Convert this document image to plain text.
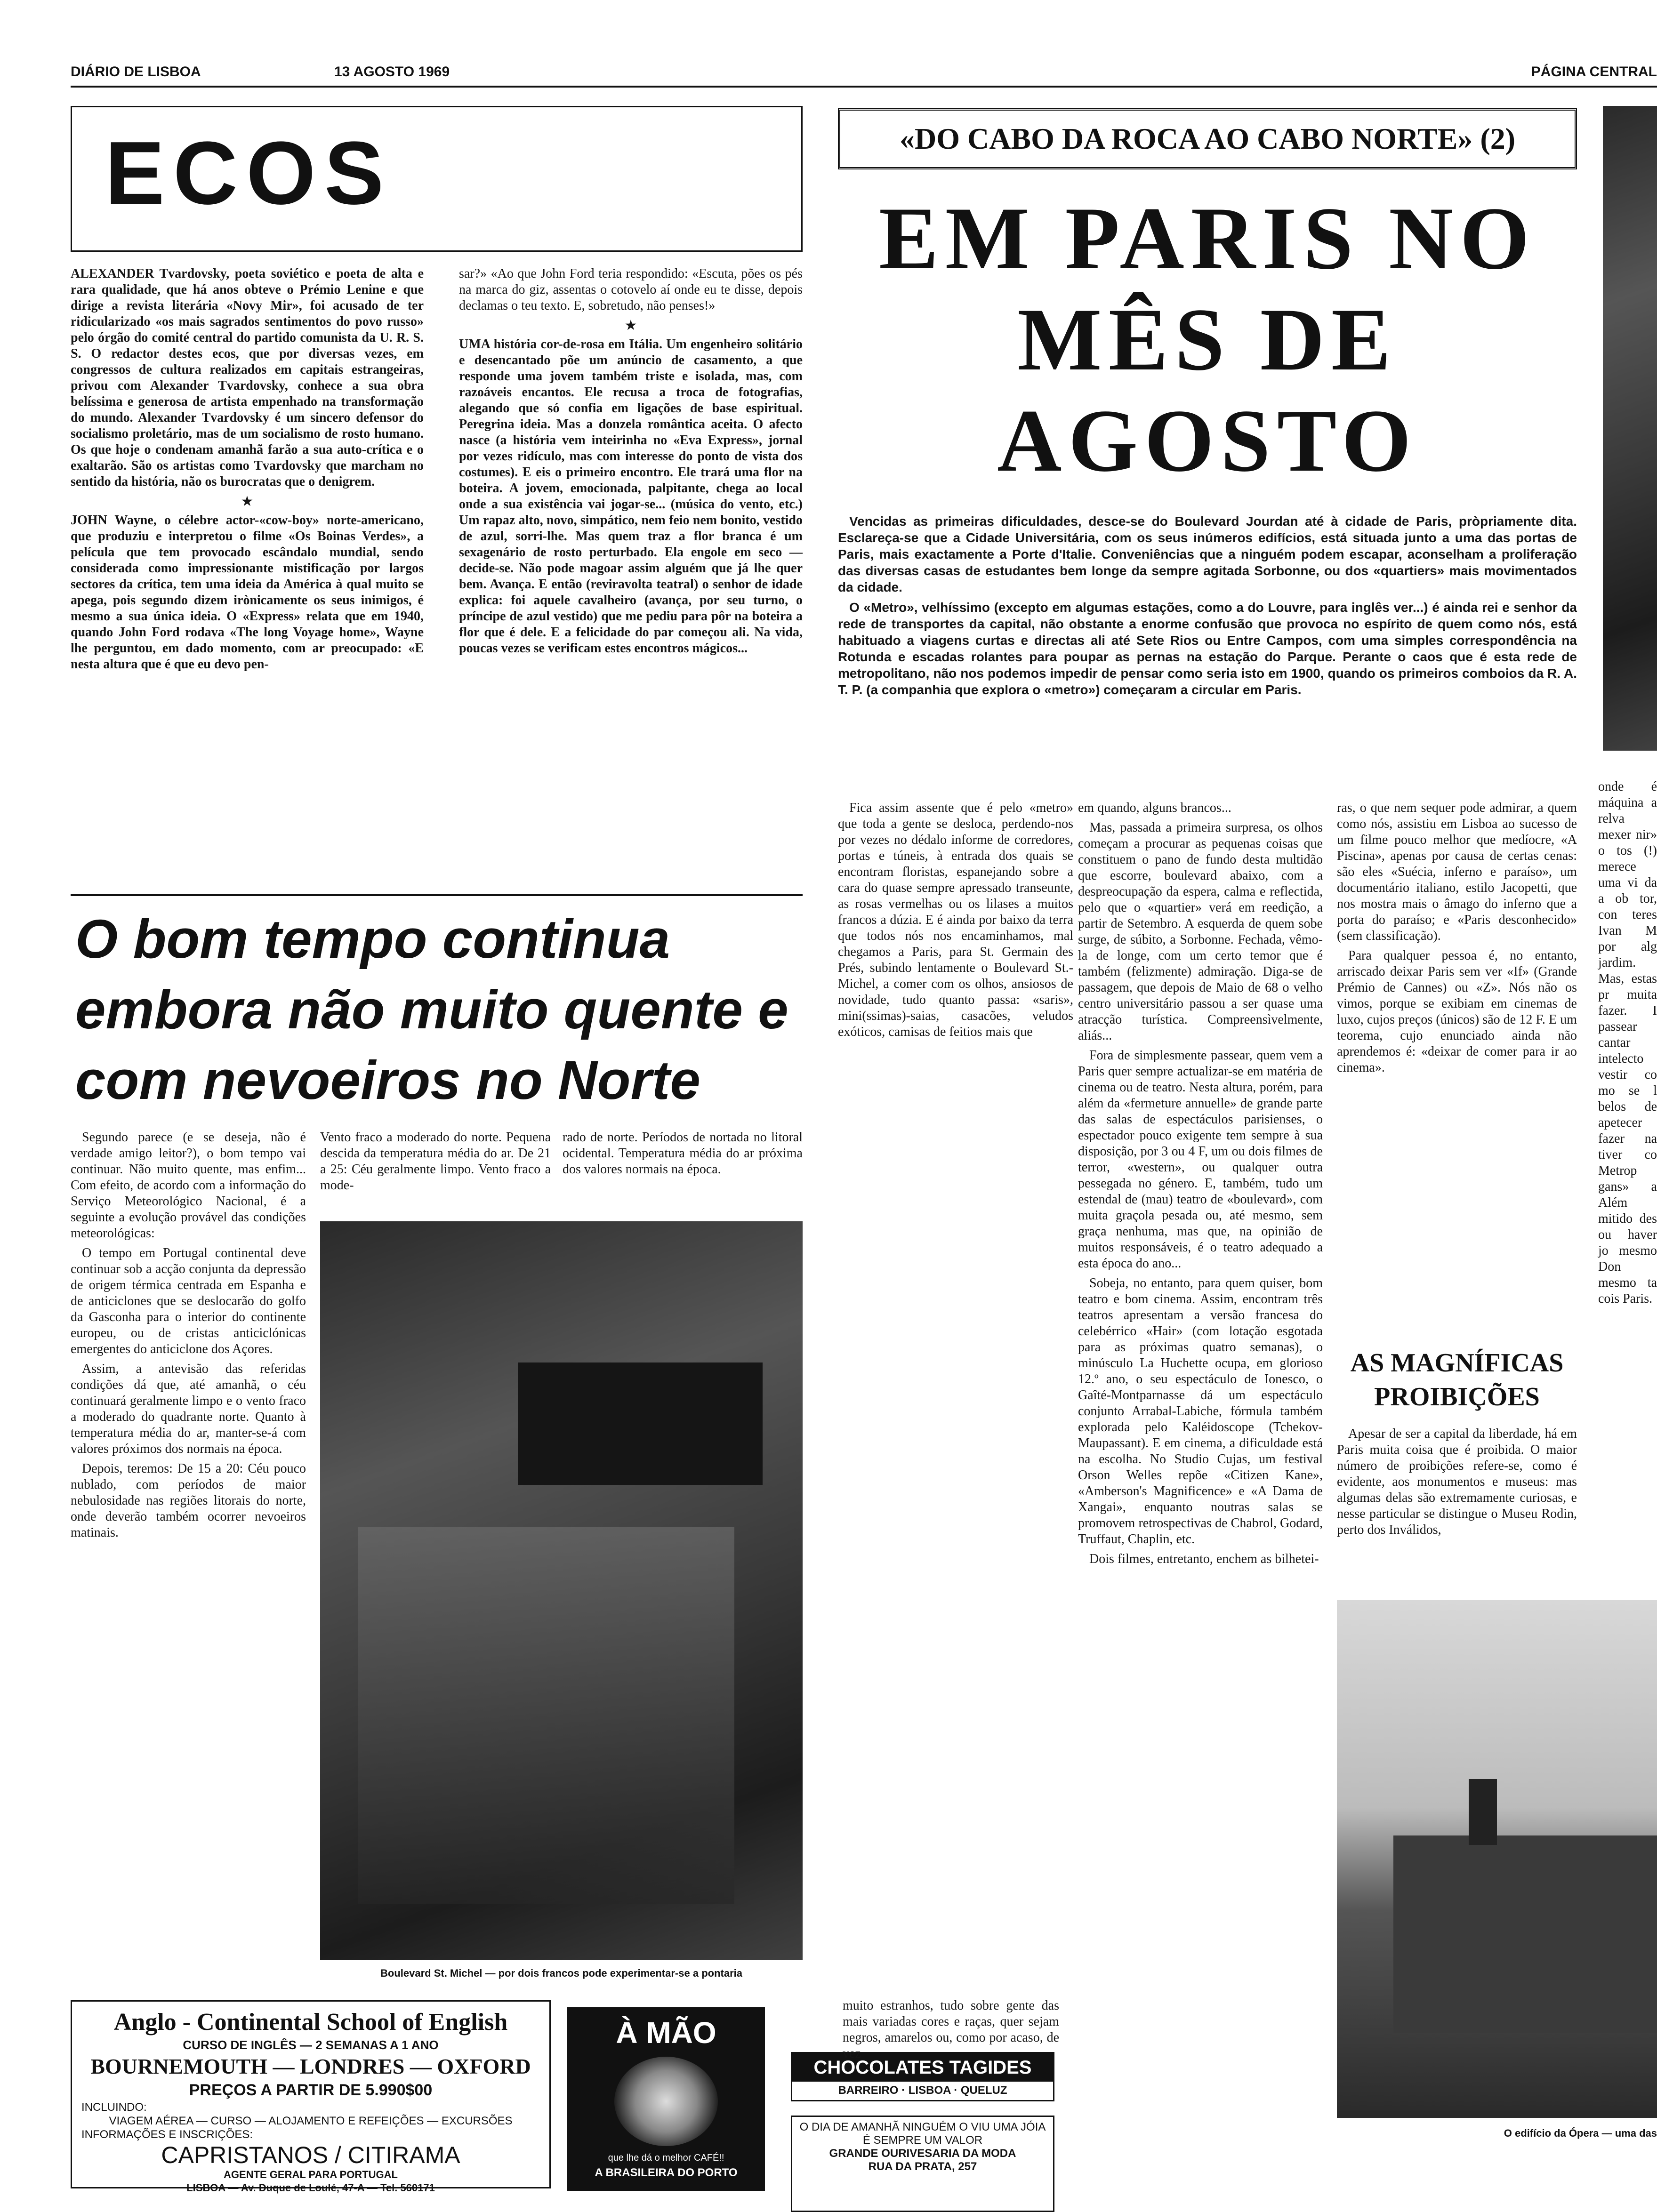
DIÁRIO DE LISBOA	13 AGOSTO 1969	PÁGINA CENTRAL
ECOS

ALEXANDER Tvardovsky, poeta soviético e poeta de alta e rara qualidade, que há anos obteve o Prémio Lenine e que dirige a revista literária «Novy Mir», foi acusado de ter ridicularizado «os mais sagrados sentimentos do povo russo» pelo órgão do comité central do partido comunista da U. R. S. S. O redactor destes ecos, que por diversas vezes, em congressos de cultura realizados em capitais estrangeiras, privou com Alexander Tvardovsky, conhece a sua obra belíssima e generosa de artista empenhado na transformação do mundo. Alexander Tvardovsky é um sincero defensor do socialismo proletário, mas de um socialismo de rosto humano. Os que hoje o condenam amanhã farão a sua auto-crítica e o exaltarão. São os artistas como Tvardovsky que marcham no sentido da história, não os burocratas que o denigrem.

★

JOHN Wayne, o célebre actor-«cow-boy» norte-americano, que produziu e interpretou o filme «Os Boinas Verdes», a película que tem provocado escândalo mundial, sendo considerada como impressionante mistificação por largos sectores da crítica, tem uma ideia da América à qual muito se apega, pois segundo dizem irònicamente os seus inimigos, é mesmo a sua única ideia. O «Express» relata que em 1940, quando John Ford rodava «The long Voyage home», Wayne lhe perguntou, em dado momento, com ar preocupado: «E nesta altura que é que eu devo pen-

sar?» «Ao que John Ford teria respondido: «Escuta, pões os pés na marca do giz, assentas o cotovelo aí onde eu te disse, depois declamas o teu texto. E, sobretudo, não penses!»

★

UMA história cor-de-rosa em Itália. Um engenheiro solitário e desencantado põe um anúncio de casamento, a que responde uma jovem também triste e isolada, mas, com razoáveis encantos. Ele recusa a troca de fotografias, alegando que só confia em ligações de base espiritual. Peregrina ideia. Mas a donzela romântica aceita. O afecto nasce (a história vem inteirinha no «Eva Express», jornal por vezes ridículo, mas com interesse do ponto de vista dos costumes). E eis o primeiro encontro. Ele trará uma flor na boteira. A jovem, emocionada, palpitante, chega ao local onde a sua existência vai jogar-se... (música do vento, etc.) Um rapaz alto, novo, simpático, nem feio nem bonito, vestido de azul, sorri-lhe. Mas quem traz a flor branca é um sexagenário de rosto perturbado. Ela engole em seco — decide-se. Não pode magoar assim alguém que já lhe quer bem. Avança. E então (reviravolta teatral) o senhor de idade explica: foi aquele cavalheiro (avança, por seu turno, o príncipe de azul vestido) que me pediu para pôr na boteira a flor que é dele. E a felicidade do par começou ali. Na vida, poucas vezes se verificam estes encontros mágicos...

O bom tempo continua embora não muito quente e com nevoeiros no Norte

Segundo parece (e se deseja, não é verdade amigo leitor?), o bom tempo vai continuar. Não muito quente, mas enfim... Com efeito, de acordo com a informação do Serviço Meteorológico Nacional, é a seguinte a evolução provável das condições meteorológicas:

O tempo em Portugal continental deve continuar sob a acção conjunta da depressão de origem térmica centrada em Espanha e de anticiclones que se deslocarão do golfo da Gasconha para o interior do continente europeu, ou de cristas anticiclónicas emergentes do anticiclone dos Açores.

Assim, a antevisão das referidas condições dá que, até amanhã, o céu continuará geralmente limpo e o vento fraco a moderado do quadrante norte. Quanto à temperatura média do ar, manter-se-á com valores próximos dos normais na época.

Depois, teremos: De 15 a 20: Céu pouco nublado, com períodos de maior nebulosidade nas regiões litorais do norte, onde deverão também ocorrer nevoeiros matinais.

Vento fraco a moderado do norte. Pequena descida da temperatura média do ar. De 21 a 25: Céu geralmente limpo. Vento fraco a mode-

rado de norte. Períodos de nortada no litoral ocidental. Temperatura média do ar próxima dos valores normais na época.

Boulevard St. Michel — por dois francos pode experimentar-se a pontaria
Anglo - Continental School of English
CURSO DE INGLÊS — 2 SEMANAS A 1 ANO
BOURNEMOUTH — LONDRES — OXFORD
PREÇOS A PARTIR DE 5.990$00
INCLUINDO:
VIAGEM AÉREA — CURSO — ALOJAMENTO E REFEIÇÕES — EXCURSÕES
INFORMAÇÕES E INSCRIÇÕES:
CAPRISTANOS / CITIRAMA
AGENTE GERAL PARA PORTUGAL
LISBOA — Av. Duque de Loulé, 47-A — Tel. 560171
À MÃO
que lhe dá o melhor CAFÉ!!
A BRASILEIRA DO PORTO
CHOCOLATES TAGIDES
BARREIRO · LISBOA · QUELUZ
O DIA DE AMANHÃ NINGUÉM O VIU UMA JÓIA É SEMPRE UM VALOR
GRANDE OURIVESARIA DA MODA
RUA DA PRATA, 257
«DO CABO DA ROCA AO CABO NORTE» (2)
EM PARIS NO MÊS DE AGOSTO

Vencidas as primeiras dificuldades, desce-se do Boulevard Jourdan até à cidade de Paris, pròpriamente dita. Esclareça-se que a Cidade Universitária, com os seus inúmeros edifícios, está situada junto a uma das portas de Paris, mais exactamente a Porte d'Italie. Conveniências que a ninguém podem escapar, aconselham a proliferação das diversas casas de estudantes bem longe da sempre agitada Sorbonne, ou dos «quartiers» mais movimentados da cidade.

O «Metro», velhíssimo (excepto em algumas estações, como a do Louvre, para inglês ver...) é ainda rei e senhor da rede de transportes da capital, não obstante a enorme confusão que provoca no espírito de quem como nós, está habituado a viagens curtas e directas ali até Sete Rios ou Entre Campos, com uma simples correspondência na Rotunda e escadas rolantes para poupar as pernas na estação do Parque. Perante o caos que é esta rede de metropolitano, não nos podemos impedir de pensar como seria isto em 1900, quando os primeiros comboios da R. A. T. P. (a companhia que explora o «metro») começaram a circular em Paris.

Fica assim assente que é pelo «metro» que toda a gente se desloca, perdendo-nos por vezes no dédalo informe de corredores, portas e túneis, à entrada dos quais se encontram floristas, espanejando sobre a cara do quase sempre apressado transeunte, as rosas vermelhas ou os lilases a muitos francos a dúzia. E é ainda por baixo da terra que todos nós nos encaminhamos, mal chegamos a Paris, para St. Germain des Prés, subindo lentamente o Boulevard St.-Michel, a comer com os olhos, ansiosos de novidade, tudo quanto passa: «saris», mini(ssimas)-saias, casacões, veludos exóticos, camisas de feitios mais que

muito estranhos, tudo sobre gente das mais variadas cores e raças, quer sejam negros, amarelos ou, como por acaso, de vez

em quando, alguns brancos...

Mas, passada a primeira surpresa, os olhos começam a procurar as pequenas coisas que constituem o pano de fundo desta multidão que escorre, boulevard abaixo, com a despreocupação da espera, calma e reflectida, pelo que o «quartier» verá em reedição, a partir de Setembro. A esquerda de quem sobe surge, de súbito, a Sorbonne. Fechada, vêmo-la de longe, com um certo temor que é também (felizmente) admiração. Diga-se de passagem, que depois de Maio de 68 o velho centro universitário passou a ser quase uma atracção turística. Compreensìvelmente, aliás...

Fora de simplesmente passear, quem vem a Paris quer sempre actualizar-se em matéria de cinema ou de teatro. Nesta altura, porém, para além da «fermeture annuelle» de grande parte das salas de espectáculos parisienses, o espectador pouco exigente tem sempre à sua disposição, por 3 ou 4 F, um ou dois filmes de terror, «western», ou qualquer outra pessegada no género. E, também, tudo um estendal de (mau) teatro de «boulevard», com muita graçola pesada ou, até mesmo, sem graça nenhuma, mas que, na opinião de muitos responsáveis, é o teatro adequado a esta época do ano...

Sobeja, no entanto, para quem quiser, bom teatro e bom cinema. Assim, encontram três teatros apresentam a versão francesa do celebérrico «Hair» (com lotação esgotada para as próximas quatro semanas), o minúsculo La Huchette ocupa, em glorioso 12.º ano, o seu espectáculo de Ionesco, o Gaîté-Montparnasse dá um espectáculo conjunto Arrabal-Labiche, fórmula também explorada pelo Kaléidoscope (Tchekov-Maupassant). E em cinema, a dificuldade está na escolha. No Studio Cujas, um festival Orson Welles repõe «Citizen Kane», «Amberson's Magnificence» e «A Dama de Xangai», enquanto noutras salas se promovem retrospectivas de Chabrol, Godard, Truffaut, Chaplin, etc.

Dois filmes, entretanto, enchem as bilhetei-

ras, o que nem sequer pode admirar, a quem como nós, assistiu em Lisboa ao sucesso de um filme pouco melhor que medíocre, «A Piscina», apenas por causa de certas cenas: são eles «Suécia, inferno e paraíso», um documentário italiano, estilo Jacopetti, que nos mostra mais o âmago do inferno que a porta do paraíso; e «Paris desconhecido» (sem classificação).

Para qualquer pessoa é, no entanto, arriscado deixar Paris sem ver «If» (Grande Prémio de Cannes) ou «Z». Nós não os vimos, porque se exibiam em cinemas de luxo, cujos preços (únicos) são de 12 F. E um teorema, cujo enunciado ainda não aprendemos é: «deixar de comer para ir ao cinema».

AS MAGNÍFICAS PROIBIÇÕES

Apesar de ser a capital da liberdade, há em Paris muita coisa que é proibida. O maior número de proibições refere-se, como é evidente, aos monumentos e museus: mas algumas delas são extremamente curiosas, e nesse particular se distingue o Museu Rodin, perto dos Inválidos,

onde é máquina a relva mexer nir» o tos (!) merece uma vi da a ob tor, con teres Ivan M por alg jardim. Mas, estas pr muita fazer. I passear cantar intelecto vestir co mo se l belos de apetecer fazer na tiver co Metrop gans» a Além mitido des ou haver jo mesmo Don mesmo ta cois Paris.

O edifício da Ópera — uma das
